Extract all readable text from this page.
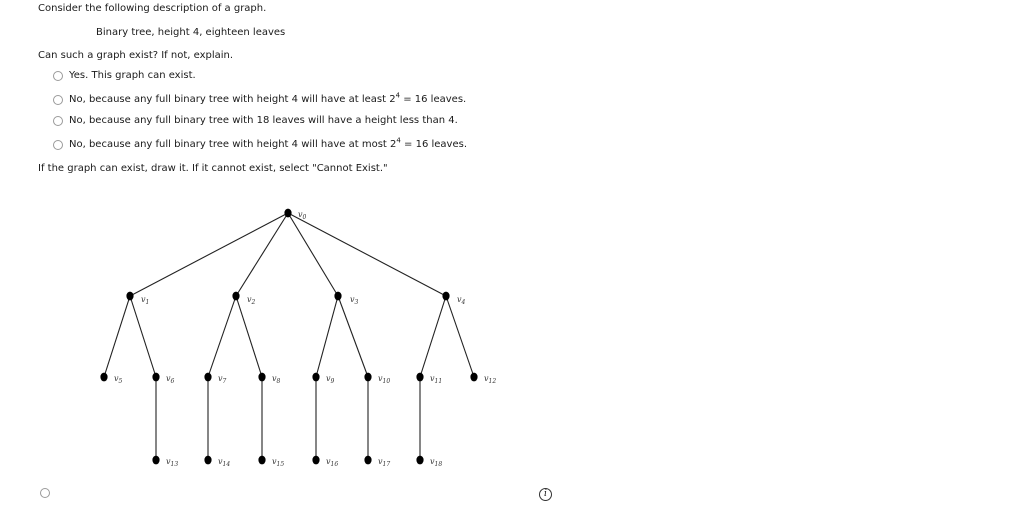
Consider the following description of a graph.
Binary tree, height 4, eighteen leaves
Can such a graph exist? If not, explain.
Yes. This graph can exist.
No, because any full binary tree with height 4 will have at least $2^4 = 16$ leaves.
No, because any full binary tree with 18 leaves will have a height less than 4.
No, because any full binary tree with height 4 will have at most $2^4 = 16$ leaves.
If the graph can exist, draw it. If it cannot exist, select "Cannot Exist."
$v_0$
$v_1$	$v_2$	$v_3$	$v_4$
$v_5$	$v_6$	$v_7$	$v_8$	$v_9$	$v_{10}$	$v_{11}$	$v_{12}$
$v_{13}$	$v_{14}$	$v_{15}$	$v_{16}$	$v_{17}$	$v_{18}$
i
